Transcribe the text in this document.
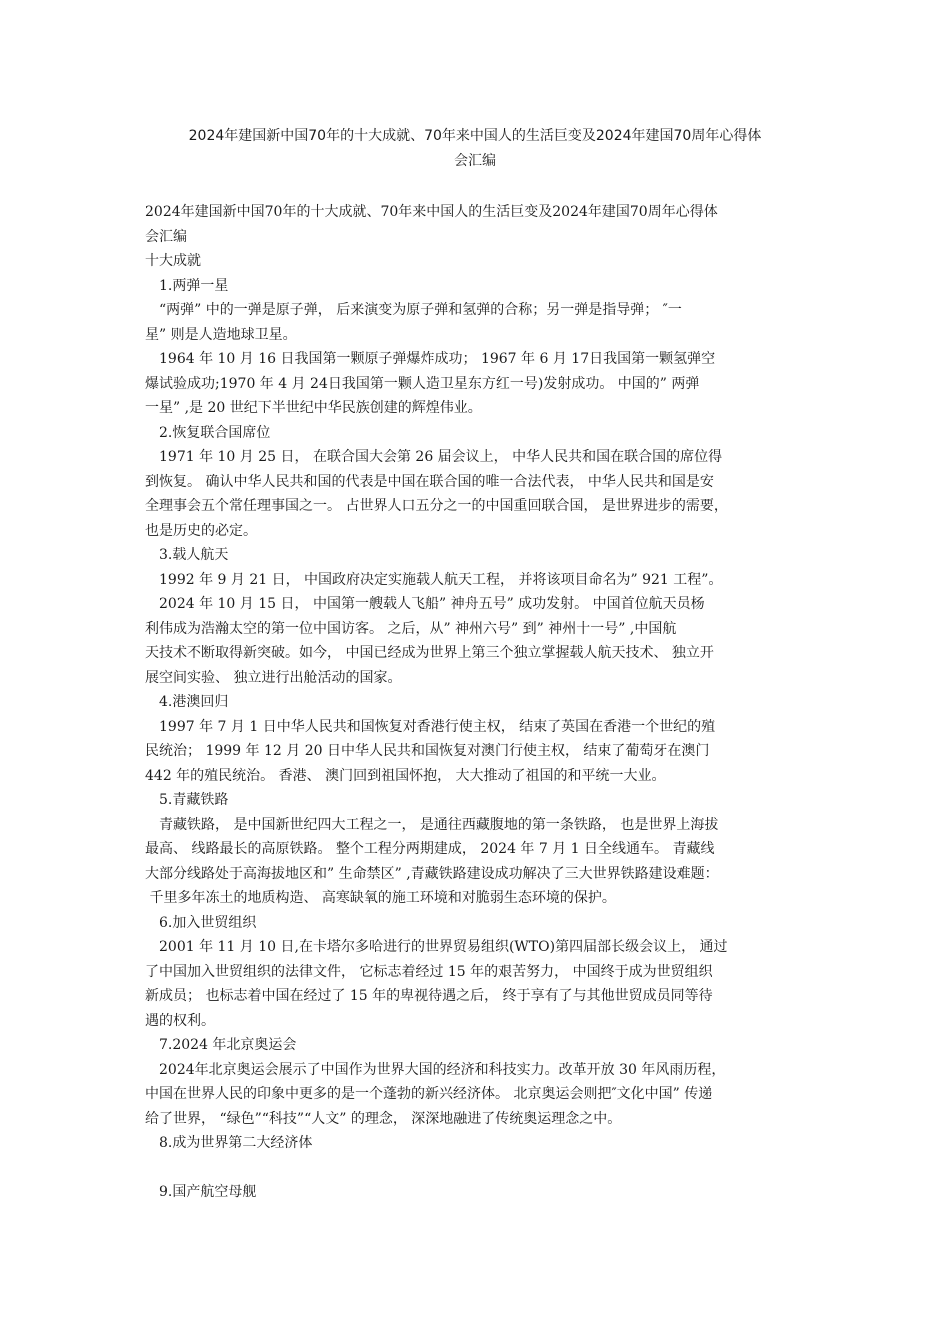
2024年建国新中国70年的十大成就、70年来中国人的生活巨变及2024年建国70周年心得体
会汇编
2024年建国新中国70年的十大成就、70年来中国人的生活巨变及2024年建国70周年心得体
会汇编
十大成就
1.两弹一星
“两弹” 中的一弹是原子弹， 后来演变为原子弹和氢弹的合称；另一弹是指导弹； ″一
星” 则是人造地球卫星。
1964 年 10 月 16 日我国第一颗原子弹爆炸成功； 1967 年 6 月 17日我国第一颗氢弹空
爆试验成功;1970 年 4 月 24日我国第一颗人造卫星东方红一号)发射成功。 中国的” 两弹
一星” ,是 20 世纪下半世纪中华民族创建的辉煌伟业。
2.恢复联合国席位
1971 年 10 月 25 日， 在联合国大会第 26 届会议上， 中华人民共和国在联合国的席位得
到恢复。 确认中华人民共和国的代表是中国在联合国的唯一合法代表， 中华人民共和国是安
全理事会五个常任理事国之一。 占世界人口五分之一的中国重回联合国， 是世界进步的需要，
也是历史的必定。
3.载人航天
1992 年 9 月 21 日， 中国政府决定实施载人航天工程， 并将该项目命名为” 921 工程”。
2024 年 10 月 15 日， 中国第一艘载人飞船” 神舟五号” 成功发射。 中国首位航天员杨
利伟成为浩瀚太空的第一位中国访客。 之后，从” 神州六号” 到” 神州十一号” ,中国航
天技术不断取得新突破。如今， 中国已经成为世界上第三个独立掌握载人航天技术、 独立开
展空间实验、 独立进行出舱活动的国家。
4.港澳回归
1997 年 7 月 1 日中华人民共和国恢复对香港行使主权， 结束了英国在香港一个世纪的殖
民统治； 1999 年 12 月 20 日中华人民共和国恢复对澳门行使主权， 结束了葡萄牙在澳门
442 年的殖民统治。 香港、 澳门回到祖国怀抱， 大大推动了祖国的和平统一大业。
5.青藏铁路
青藏铁路， 是中国新世纪四大工程之一， 是通往西藏腹地的第一条铁路， 也是世界上海拔
最高、 线路最长的高原铁路。 整个工程分两期建成， 2024 年 7 月 1 日全线通车。 青藏线
大部分线路处于高海拔地区和” 生命禁区” ,青藏铁路建设成功解决了三大世界铁路建设难题：
千里多年冻土的地质构造、 高寒缺氧的施工环境和对脆弱生态环境的保护。
6.加入世贸组织
2001 年 11 月 10 日,在卡塔尔多哈进行的世界贸易组织(WTO)第四届部长级会议上， 通过
了中国加入世贸组织的法律文件， 它标志着经过 15 年的艰苦努力， 中国终于成为世贸组织
新成员； 也标志着中国在经过了 15 年的卑视待遇之后， 终于享有了与其他世贸成员同等待
遇的权利。
7.2024 年北京奥运会
2024年北京奥运会展示了中国作为世界大国的经济和科技实力。改革开放 30 年风雨历程，
中国在世界人民的印象中更多的是一个蓬勃的新兴经济体。 北京奥运会则把″文化中国” 传递
给了世界， “绿色”“科技”“人文” 的理念， 深深地融进了传统奥运理念之中。
8.成为世界第二大经济体
9.国产航空母舰
